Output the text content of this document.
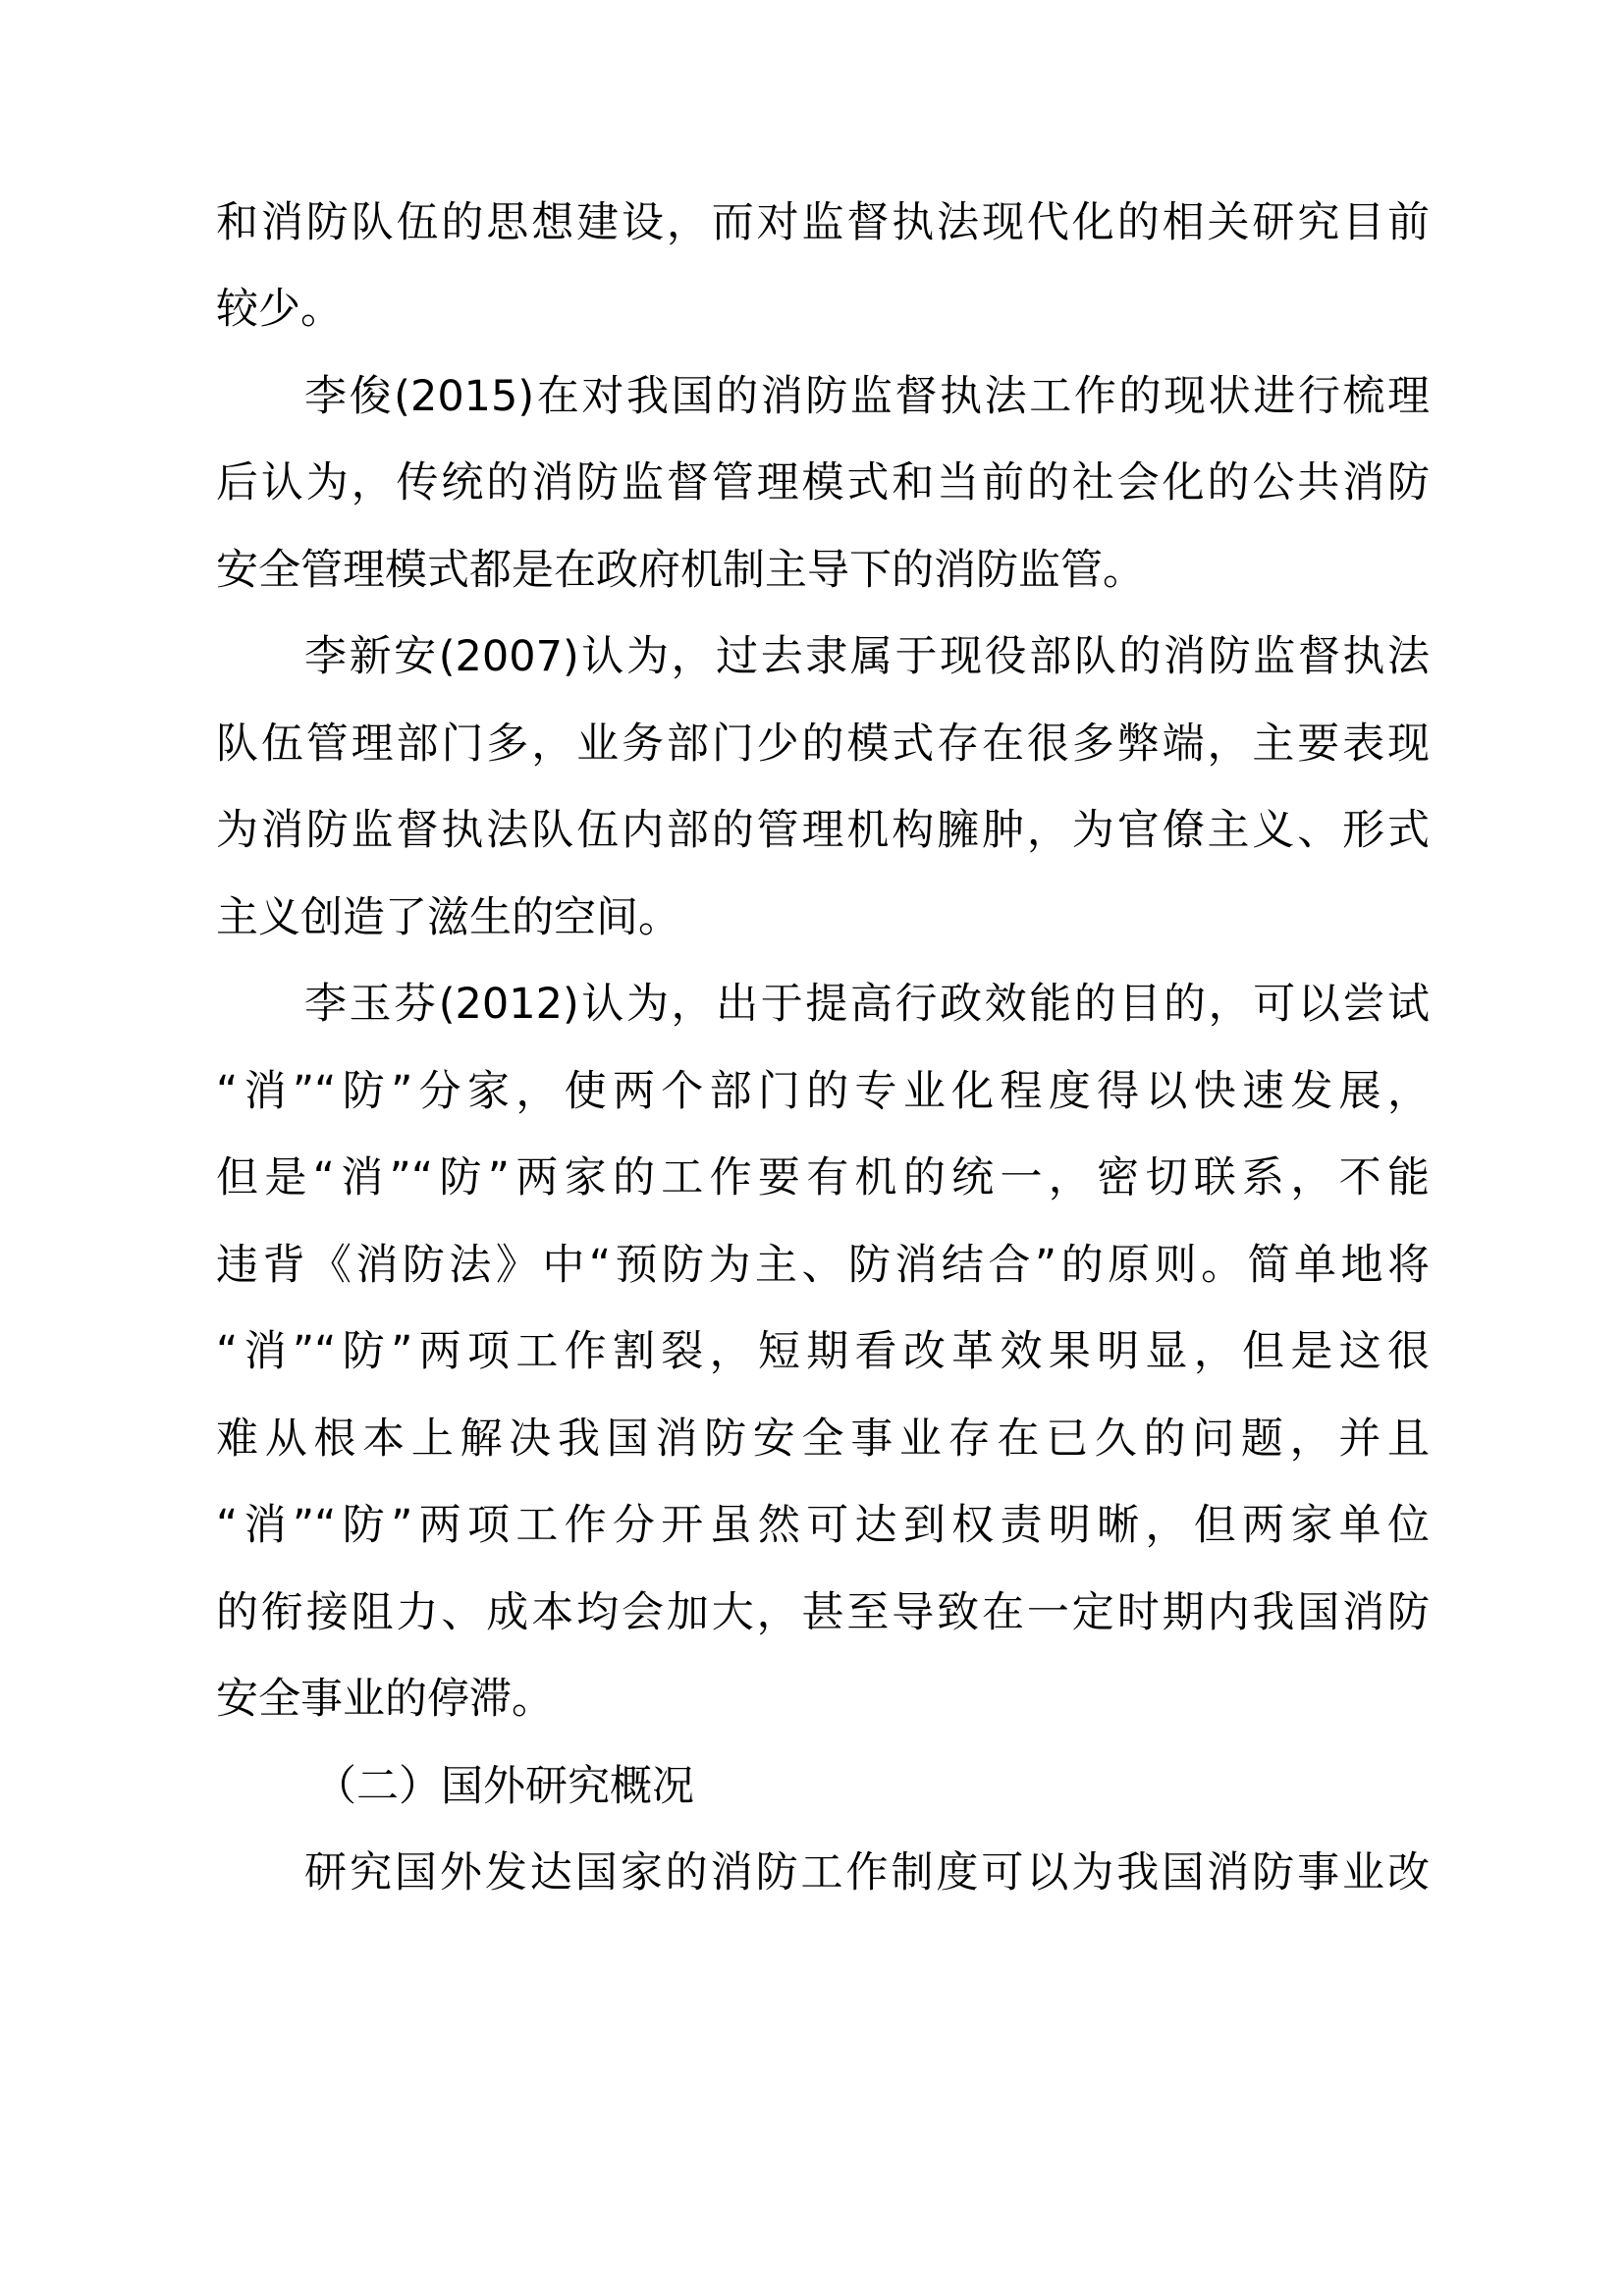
和消防队伍的思想建设，而对监督执法现代化的相关研究目前
较少。
李俊(2015)在对我国的消防监督执法工作的现状进行梳理
后认为，传统的消防监督管理模式和当前的社会化的公共消防
安全管理模式都是在政府机制主导下的消防监管。
李新安(2007)认为，过去隶属于现役部队的消防监督执法
队伍管理部门多，业务部门少的模式存在很多弊端，主要表现
为消防监督执法队伍内部的管理机构臃肿，为官僚主义、形式
主义创造了滋生的空间。
李玉芬(2012)认为，出于提高行政效能的目的，可以尝试
“消”“防”分家，使两个部门的专业化程度得以快速发展，
但是“消”“防”两家的工作要有机的统一，密切联系，不能
违背《消防法》中“预防为主、防消结合”的原则。简单地将
“消”“防”两项工作割裂，短期看改革效果明显，但是这很
难从根本上解决我国消防安全事业存在已久的问题，并且
“消”“防”两项工作分开虽然可达到权责明晰，但两家单位
的衔接阻力、成本均会加大，甚至导致在一定时期内我国消防
安全事业的停滞。
（二）国外研究概况
研究国外发达国家的消防工作制度可以为我国消防事业改
